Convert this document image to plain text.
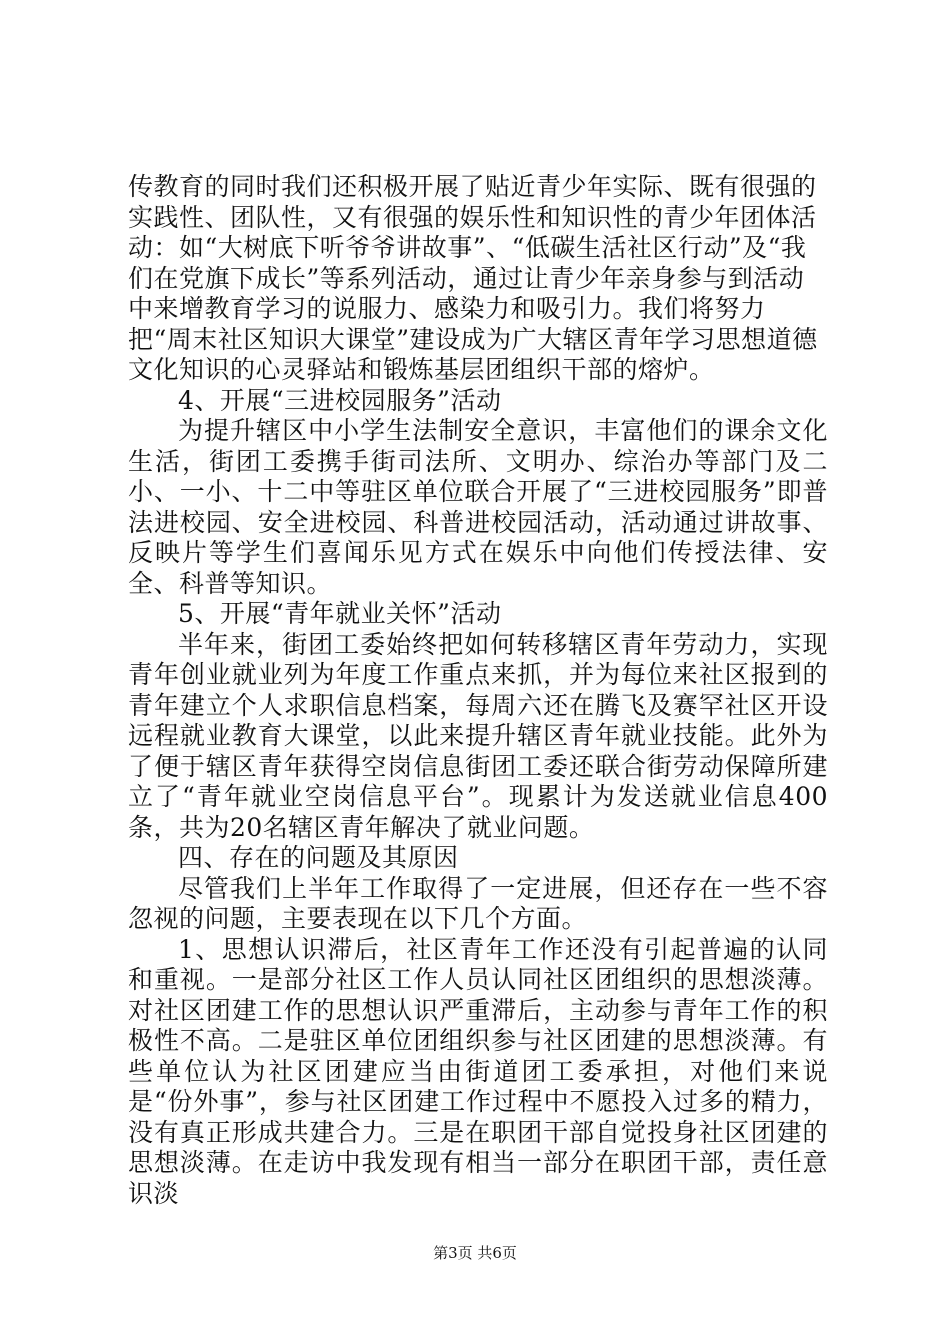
传教育的同时我们还积极开展了贴近青少年实际、既有很强的实践性、团队性，又有很强的娱乐性和知识性的青少年团体活动：如“大树底下听爷爷讲故事”、“低碳生活社区行动”及“我们在党旗下成长”等系列活动，通过让青少年亲身参与到活动中来增教育学习的说服力、感染力和吸引力。我们将努力把“周末社区知识大课堂”建设成为广大辖区青年学习思想道德文化知识的心灵驿站和锻炼基层团组织干部的熔炉。

4、开展“三进校园服务”活动

为提升辖区中小学生法制安全意识，丰富他们的课余文化生活，街团工委携手街司法所、文明办、综治办等部门及二小、一小、十二中等驻区单位联合开展了“三进校园服务”即普法进校园、安全进校园、科普进校园活动，活动通过讲故事、反映片等学生们喜闻乐见方式在娱乐中向他们传授法律、安全、科普等知识。

5、开展“青年就业关怀”活动

半年来，街团工委始终把如何转移辖区青年劳动力，实现青年创业就业列为年度工作重点来抓，并为每位来社区报到的青年建立个人求职信息档案，每周六还在腾飞及赛罕社区开设远程就业教育大课堂，以此来提升辖区青年就业技能。此外为了便于辖区青年获得空岗信息街团工委还联合街劳动保障所建立了“青年就业空岗信息平台”。现累计为发送就业信息400条，共为20名辖区青年解决了就业问题。

四、存在的问题及其原因

尽管我们上半年工作取得了一定进展，但还存在一些不容忽视的问题，主要表现在以下几个方面。

1、思想认识滞后，社区青年工作还没有引起普遍的认同和重视。一是部分社区工作人员认同社区团组织的思想淡薄。对社区团建工作的思想认识严重滞后，主动参与青年工作的积极性不高。二是驻区单位团组织参与社区团建的思想淡薄。有些单位认为社区团建应当由街道团工委承担，对他们来说是“份外事”，参与社区团建工作过程中不愿投入过多的精力，没有真正形成共建合力。三是在职团干部自觉投身社区团建的思想淡薄。在走访中我发现有相当一部分在职团干部，责任意识淡

第3页 共6页
